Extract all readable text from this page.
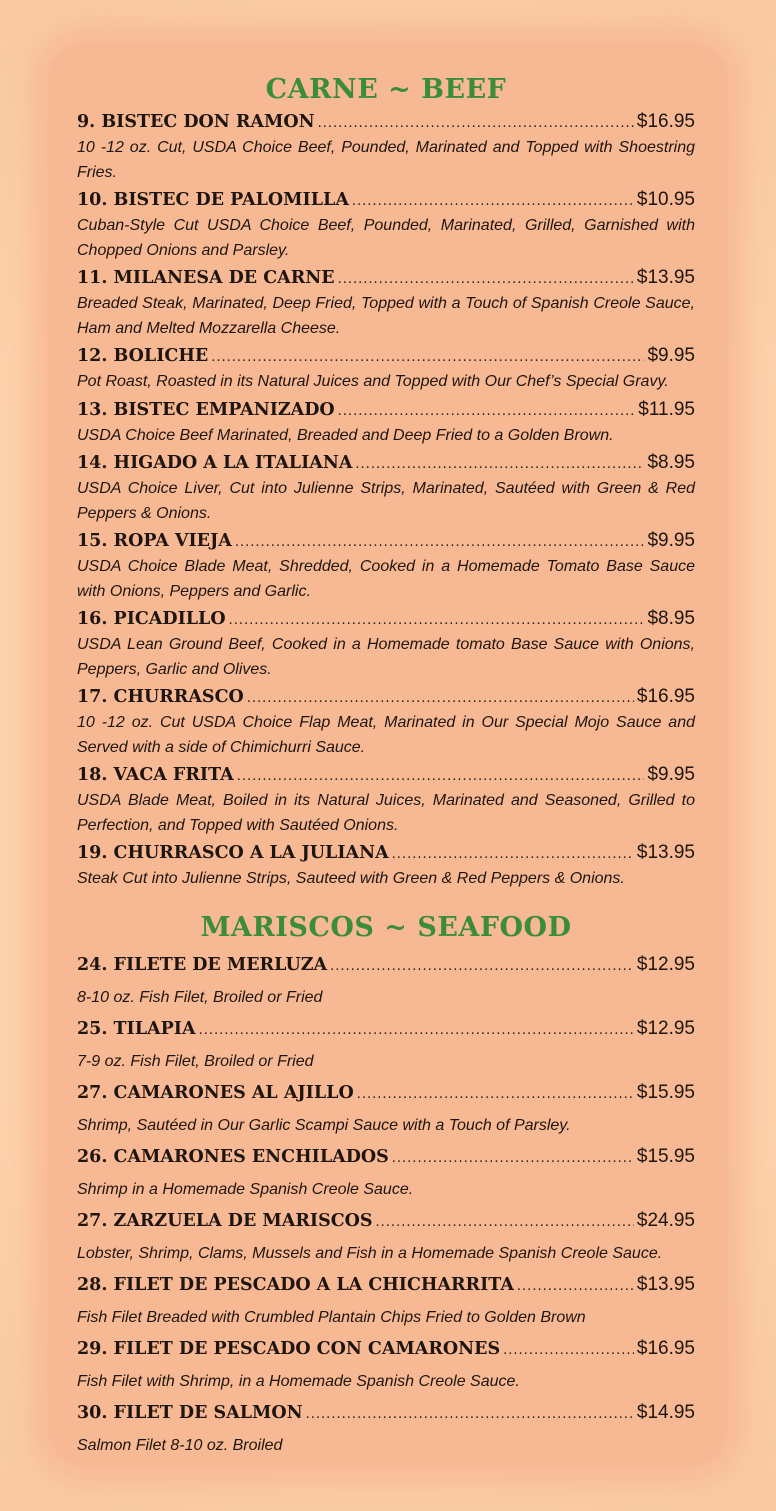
CARNE ~ BEEF
9. BISTEC DON RAMON .....	$16.95

10 -12 oz. Cut, USDA Choice Beef, Pounded, Marinated and Topped with Shoestring Fries.

10. BISTEC DE PALOMILLA .....	$10.95

Cuban-Style Cut USDA Choice Beef, Pounded, Marinated, Grilled, Garnished with Chopped Onions and Parsley.

11. MILANESA DE CARNE .....	$13.95

Breaded Steak, Marinated, Deep Fried, Topped with a Touch of Spanish Creole Sauce, Ham and Melted Mozzarella Cheese.

12. BOLICHE .....	$9.95

Pot Roast, Roasted in its Natural Juices and Topped with Our Chef’s Special Gravy.

13. BISTEC EMPANIZADO .....	$11.95

USDA Choice Beef Marinated, Breaded and Deep Fried to a Golden Brown.

14. HIGADO A LA ITALIANA .....	$8.95

USDA Choice Liver, Cut into Julienne Strips, Marinated, Sautéed with Green & Red Peppers & Onions.

15. ROPA VIEJA .....	$9.95

USDA Choice Blade Meat, Shredded, Cooked in a Homemade Tomato Base Sauce with Onions, Peppers and Garlic.

16. PICADILLO .....	$8.95

USDA Lean Ground Beef, Cooked in a Homemade tomato Base Sauce with Onions, Peppers, Garlic and Olives.

17. CHURRASCO .....	$16.95

10 -12 oz. Cut USDA Choice Flap Meat, Marinated in Our Special Mojo Sauce and Served with a side of Chimichurri Sauce.

18. VACA FRITA .....	$9.95

USDA Blade Meat, Boiled in its Natural Juices, Marinated and Seasoned, Grilled to Perfection, and Topped with Sautéed Onions.

19. CHURRASCO A LA JULIANA .....	$13.95

Steak Cut into Julienne Strips, Sauteed with Green & Red Peppers & Onions.

MARISCOS ~ SEAFOOD
24. FILETE DE MERLUZA .....	$12.95

8-10 oz. Fish Filet, Broiled or Fried

25. TILAPIA .....	$12.95

7-9 oz. Fish Filet, Broiled or Fried

27. CAMARONES AL AJILLO .....	$15.95

Shrimp, Sautéed in Our Garlic Scampi Sauce with a Touch of Parsley.

26. CAMARONES ENCHILADOS .....	$15.95

Shrimp in a Homemade Spanish Creole Sauce.

27. ZARZUELA DE MARISCOS .....	$24.95

Lobster, Shrimp, Clams, Mussels and Fish in a Homemade Spanish Creole Sauce.

28. FILET DE PESCADO A LA CHICHARRITA .....	$13.95

Fish Filet Breaded with Crumbled Plantain Chips Fried to Golden Brown

29. FILET DE PESCADO CON CAMARONES .....	$16.95

Fish Filet with Shrimp, in a Homemade Spanish Creole Sauce.

30. FILET DE SALMON .....	$14.95

Salmon Filet 8-10 oz. Broiled
